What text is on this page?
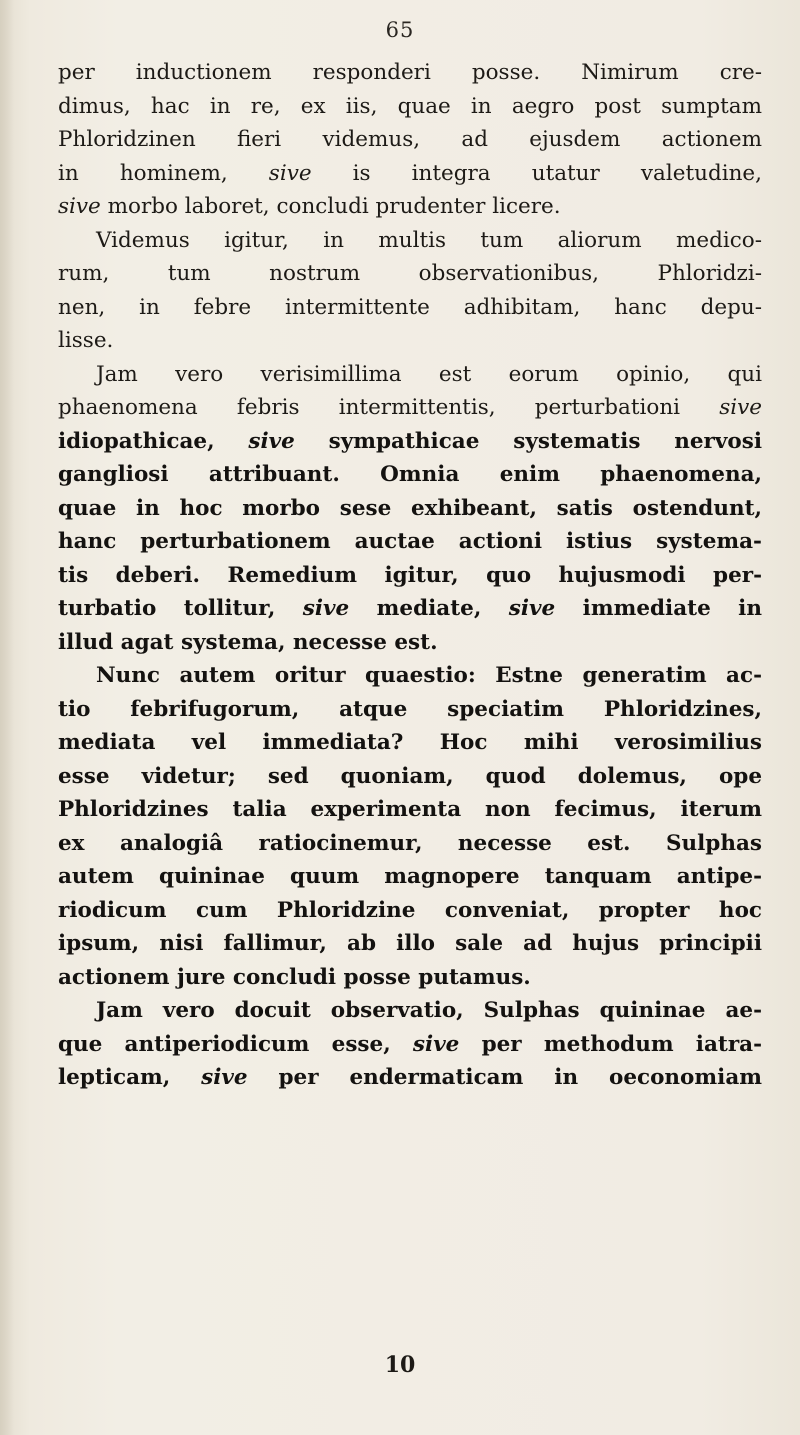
65
per inductionem responderi posse. Nimirum cre-
dimus, hac in re, ex iis, quae in aegro post sumptam
Phloridzinen fieri videmus, ad ejusdem actionem
in hominem, sive is integra utatur valetudine,
sive morbo laboret, concludi prudenter licere.
Videmus igitur, in multis tum aliorum medico-
rum, tum nostrum observationibus, Phloridzi-
nen, in febre intermittente adhibitam, hanc depu-
lisse.
Jam vero verisimillima est eorum opinio, qui
phaenomena febris intermittentis, perturbationi sive
idiopathicae, sive sympathicae systematis nervosi
gangliosi attribuant. Omnia enim phaenomena,
quae in hoc morbo sese exhibeant, satis ostendunt,
hanc perturbationem auctae actioni istius systema-
tis deberi. Remedium igitur, quo hujusmodi per-
turbatio tollitur, sive mediate, sive immediate in
illud agat systema, necesse est.
Nunc autem oritur quaestio: Estne generatim ac-
tio febrifugorum, atque speciatim Phloridzines,
mediata vel immediata? Hoc mihi verosimilius
esse videtur; sed quoniam, quod dolemus, ope
Phloridzines talia experimenta non fecimus, iterum
ex analogiâ ratiocinemur, necesse est. Sulphas
autem quininae quum magnopere tanquam antipe-
riodicum cum Phloridzine conveniat, propter hoc
ipsum, nisi fallimur, ab illo sale ad hujus principii
actionem jure concludi posse putamus.
Jam vero docuit observatio, Sulphas quininae ae-
que antiperiodicum esse, sive per methodum iatra-
lepticam, sive per endermaticam in oeconomiam
10
